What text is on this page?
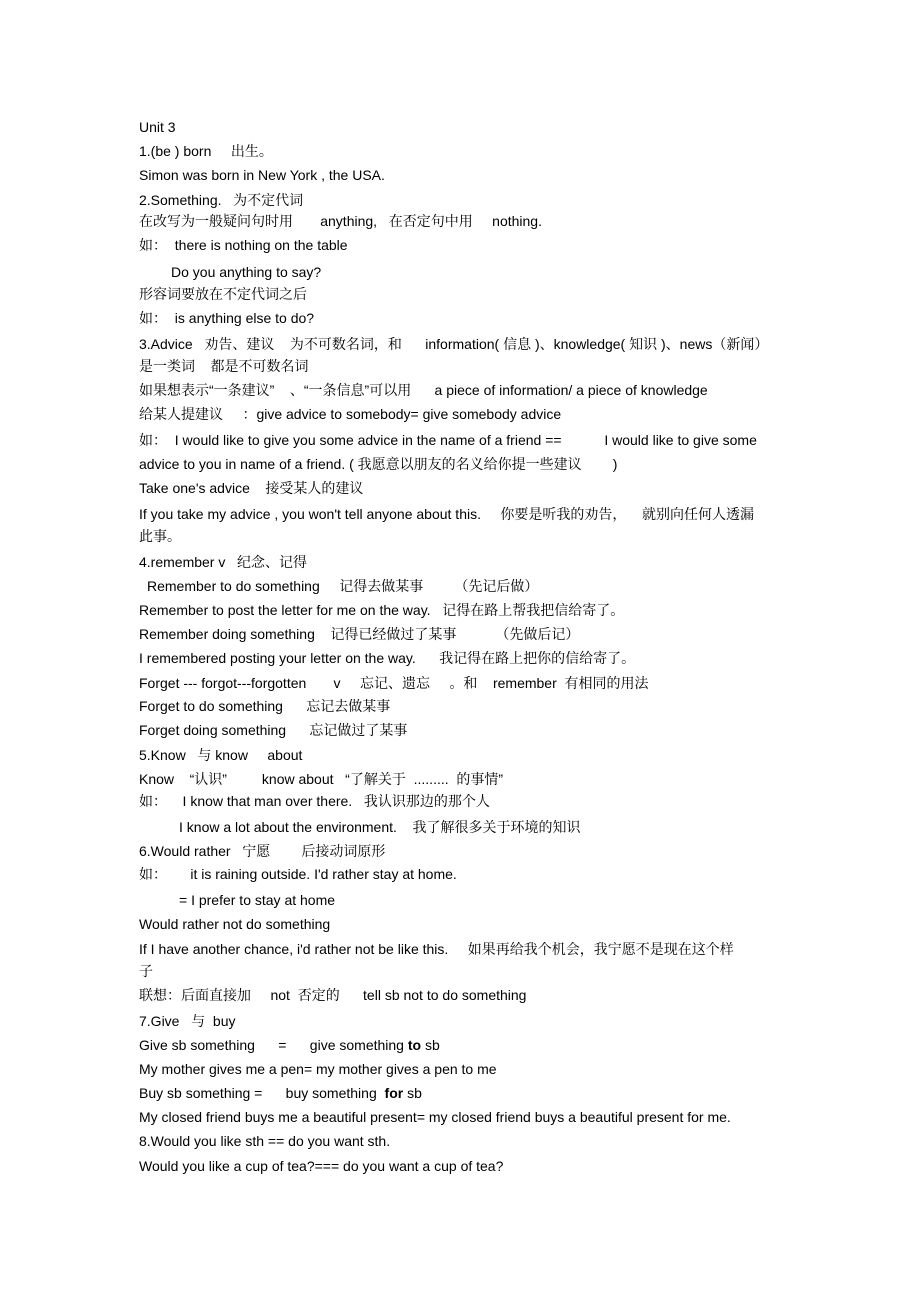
Unit 3
1.(be ) born     出生。
Simon was born in New York , the USA.
2.Something.   为不定代词
在改写为一般疑问句时用       anything,   在否定句中用     nothing.
如：  there is nothing on the table
Do you anything to say?
形容词要放在不定代词之后
如：  is anything else to do?
3.Advice   劝告、建议    为不可数名词，和      information( 信息 )、knowledge( 知识 )、news（新闻）
是一类词    都是不可数名词
如果想表示“一条建议”    、“一条信息”可以用      a piece of information/ a piece of knowledge
给某人提建议     ：give advice to somebody= give somebody advice
如：  I would like to give you some advice in the name of a friend ==           I would like to give some
advice to you in name of a friend. ( 我愿意以朋友的名义给你提一些建议        )
Take one's advice    接受某人的建议
If you take my advice , you won't tell anyone about this.     你要是听我的劝告，    就别向任何人透漏
此事。
4.remember v   纪念、记得
Remember to do something     记得去做某事        （先记后做）
Remember to post the letter for me on the way.   记得在路上帮我把信给寄了。
Remember doing something    记得已经做过了某事          （先做后记）
I remembered posting your letter on the way.      我记得在路上把你的信给寄了。
Forget --- forgot---forgotten       v     忘记、遗忘     。和    remember  有相同的用法
Forget to do something      忘记去做某事
Forget doing something      忘记做过了某事
5.Know   与 know     about
Know    “认识”         know about   “了解关于  .........  的事情”
如：    I know that man over there.   我认识那边的那个人
I know a lot about the environment.    我了解很多关于环境的知识
6.Would rather   宁愿        后接动词原形
如：      it is raining outside. I'd rather stay at home.
= I prefer to stay at home
Would rather not do something
If I have another chance, i'd rather not be like this.     如果再给我个机会，我宁愿不是现在这个样
子
联想：后面直接加     not  否定的      tell sb not to do something
7.Give   与  buy
Give sb something      =      give something to sb
My mother gives me a pen= my mother gives a pen to me
Buy sb something =      buy something  for sb
My closed friend buys me a beautiful present= my closed friend buys a beautiful present for me.
8.Would you like sth == do you want sth.
Would you like a cup of tea?=== do you want a cup of tea?
